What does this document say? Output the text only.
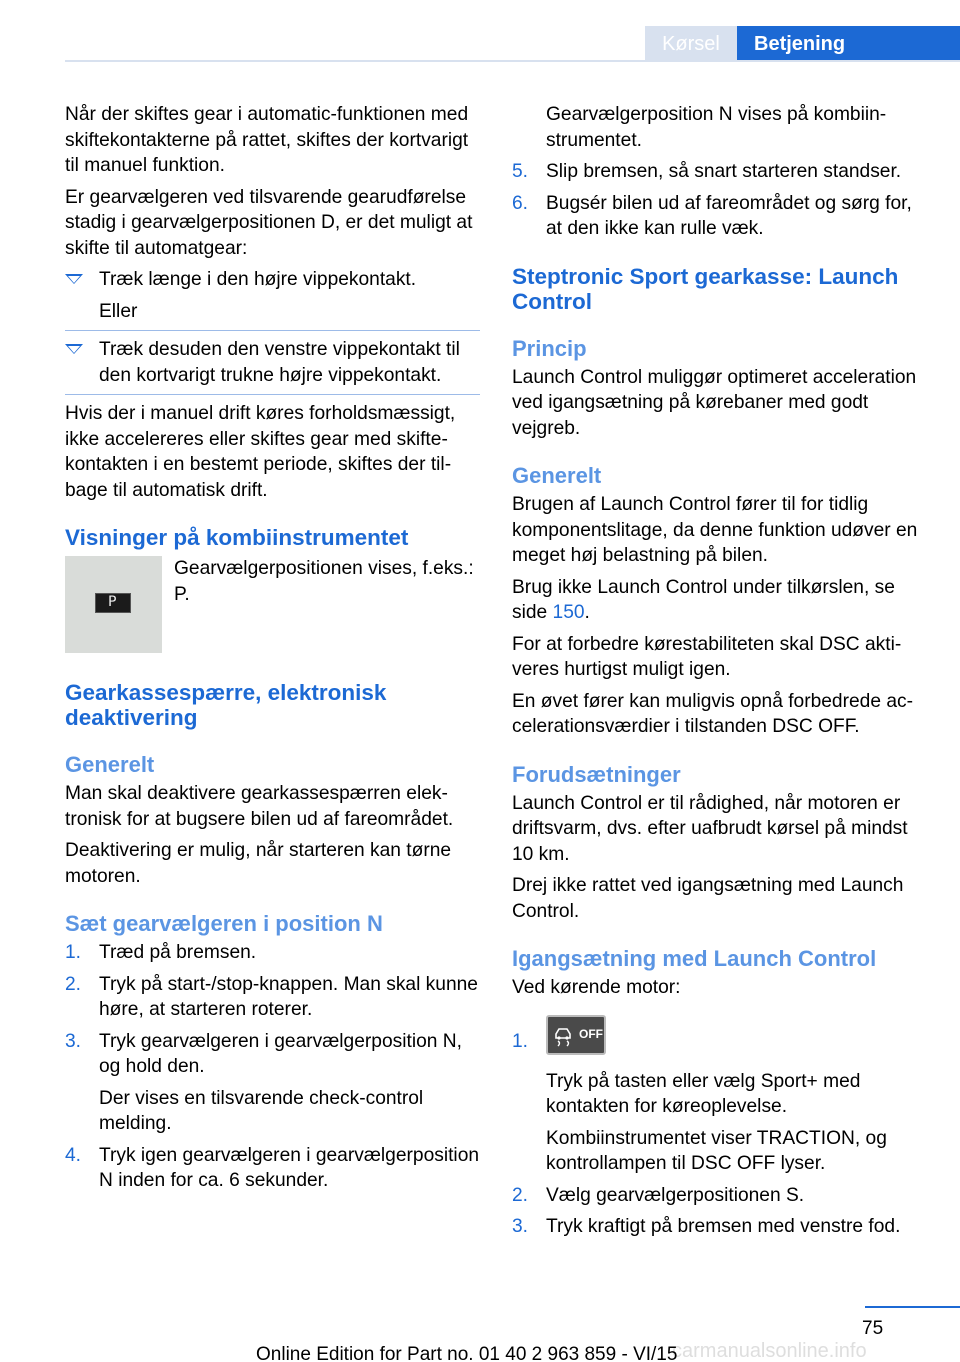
Kørsel	Betjening

Når der skiftes gear i automatic-funktionen med skiftekontakterne på rattet, skiftes der kortvarigt til manuel funktion.

Er gearvælgeren ved tilsvarende gearudførelse stadig i gearvælgerpositionen D, er det muligt at skifte til automatgear:

Træk længe i den højre vippekontakt.
Eller
Træk desuden den venstre vippekontakt til den kortvarigt trukne højre vippekontakt.

Hvis der i manuel drift køres forholdsmæssigt, ikke accelereres eller skiftes gear med skiftekontakten i en bestemt periode, skiftes der tilbage til automatisk drift.

Visninger på kombiinstrumentet
P
Gearvælgerpositionen vises, f.eks.: P.
Gearkassespærre, elektronisk deaktivering
Generelt

Man skal deaktivere gearkassespærren elektronisk for at bugsere bilen ud af fareområdet.

Deaktivering er mulig, når starteren kan tørne motoren.

Sæt gearvælgeren i position N
1. Træd på bremsen.
2. Tryk på start-/stop-knappen. Man skal kunne høre, at starteren roterer.
3. Tryk gearvælgeren i gearvælgerposition N, og hold den.
Der vises en tilsvarende check-control melding.
4. Tryk igen gearvælgeren i gearvælgerposition N inden for ca. 6 sekunder.
Gearvælgerposition N vises på kombiinstrumentet.
5. Slip bremsen, så snart starteren standser.
6. Bugsér bilen ud af fareområdet og sørg for, at den ikke kan rulle væk.
Steptronic Sport gearkasse: Launch Control
Princip

Launch Control muliggør optimeret acceleration ved igangsætning på kørebaner med godt vejgreb.

Generelt

Brugen af Launch Control fører til for tidlig komponentslitage, da denne funktion udøver en meget høj belastning på bilen.

Brug ikke Launch Control under tilkørslen, se side 150.

For at forbedre kørestabiliteten skal DSC aktiveres hurtigst muligt igen.

En øvet fører kan muligvis opnå forbedrede accelerationsværdier i tilstanden DSC OFF.

Forudsætninger

Launch Control er til rådighed, når motoren er driftsvarm, dvs. efter uafbrudt kørsel på mindst 10 km.

Drej ikke rattet ved igangsætning med Launch Control.

Igangsætning med Launch Control

Ved kørende motor:

1.	OFF
Tryk på tasten eller vælg Sport+ med kontakten for køreoplevelse.
Kombiinstrumentet viser TRACTION, og kontrollampen til DSC OFF lyser.
2. Vælg gearvælgerpositionen S.
3. Tryk kraftigt på bremsen med venstre fod.
75
carmanualsonline.info
Online Edition for Part no. 01 40 2 963 859 - VI/15
